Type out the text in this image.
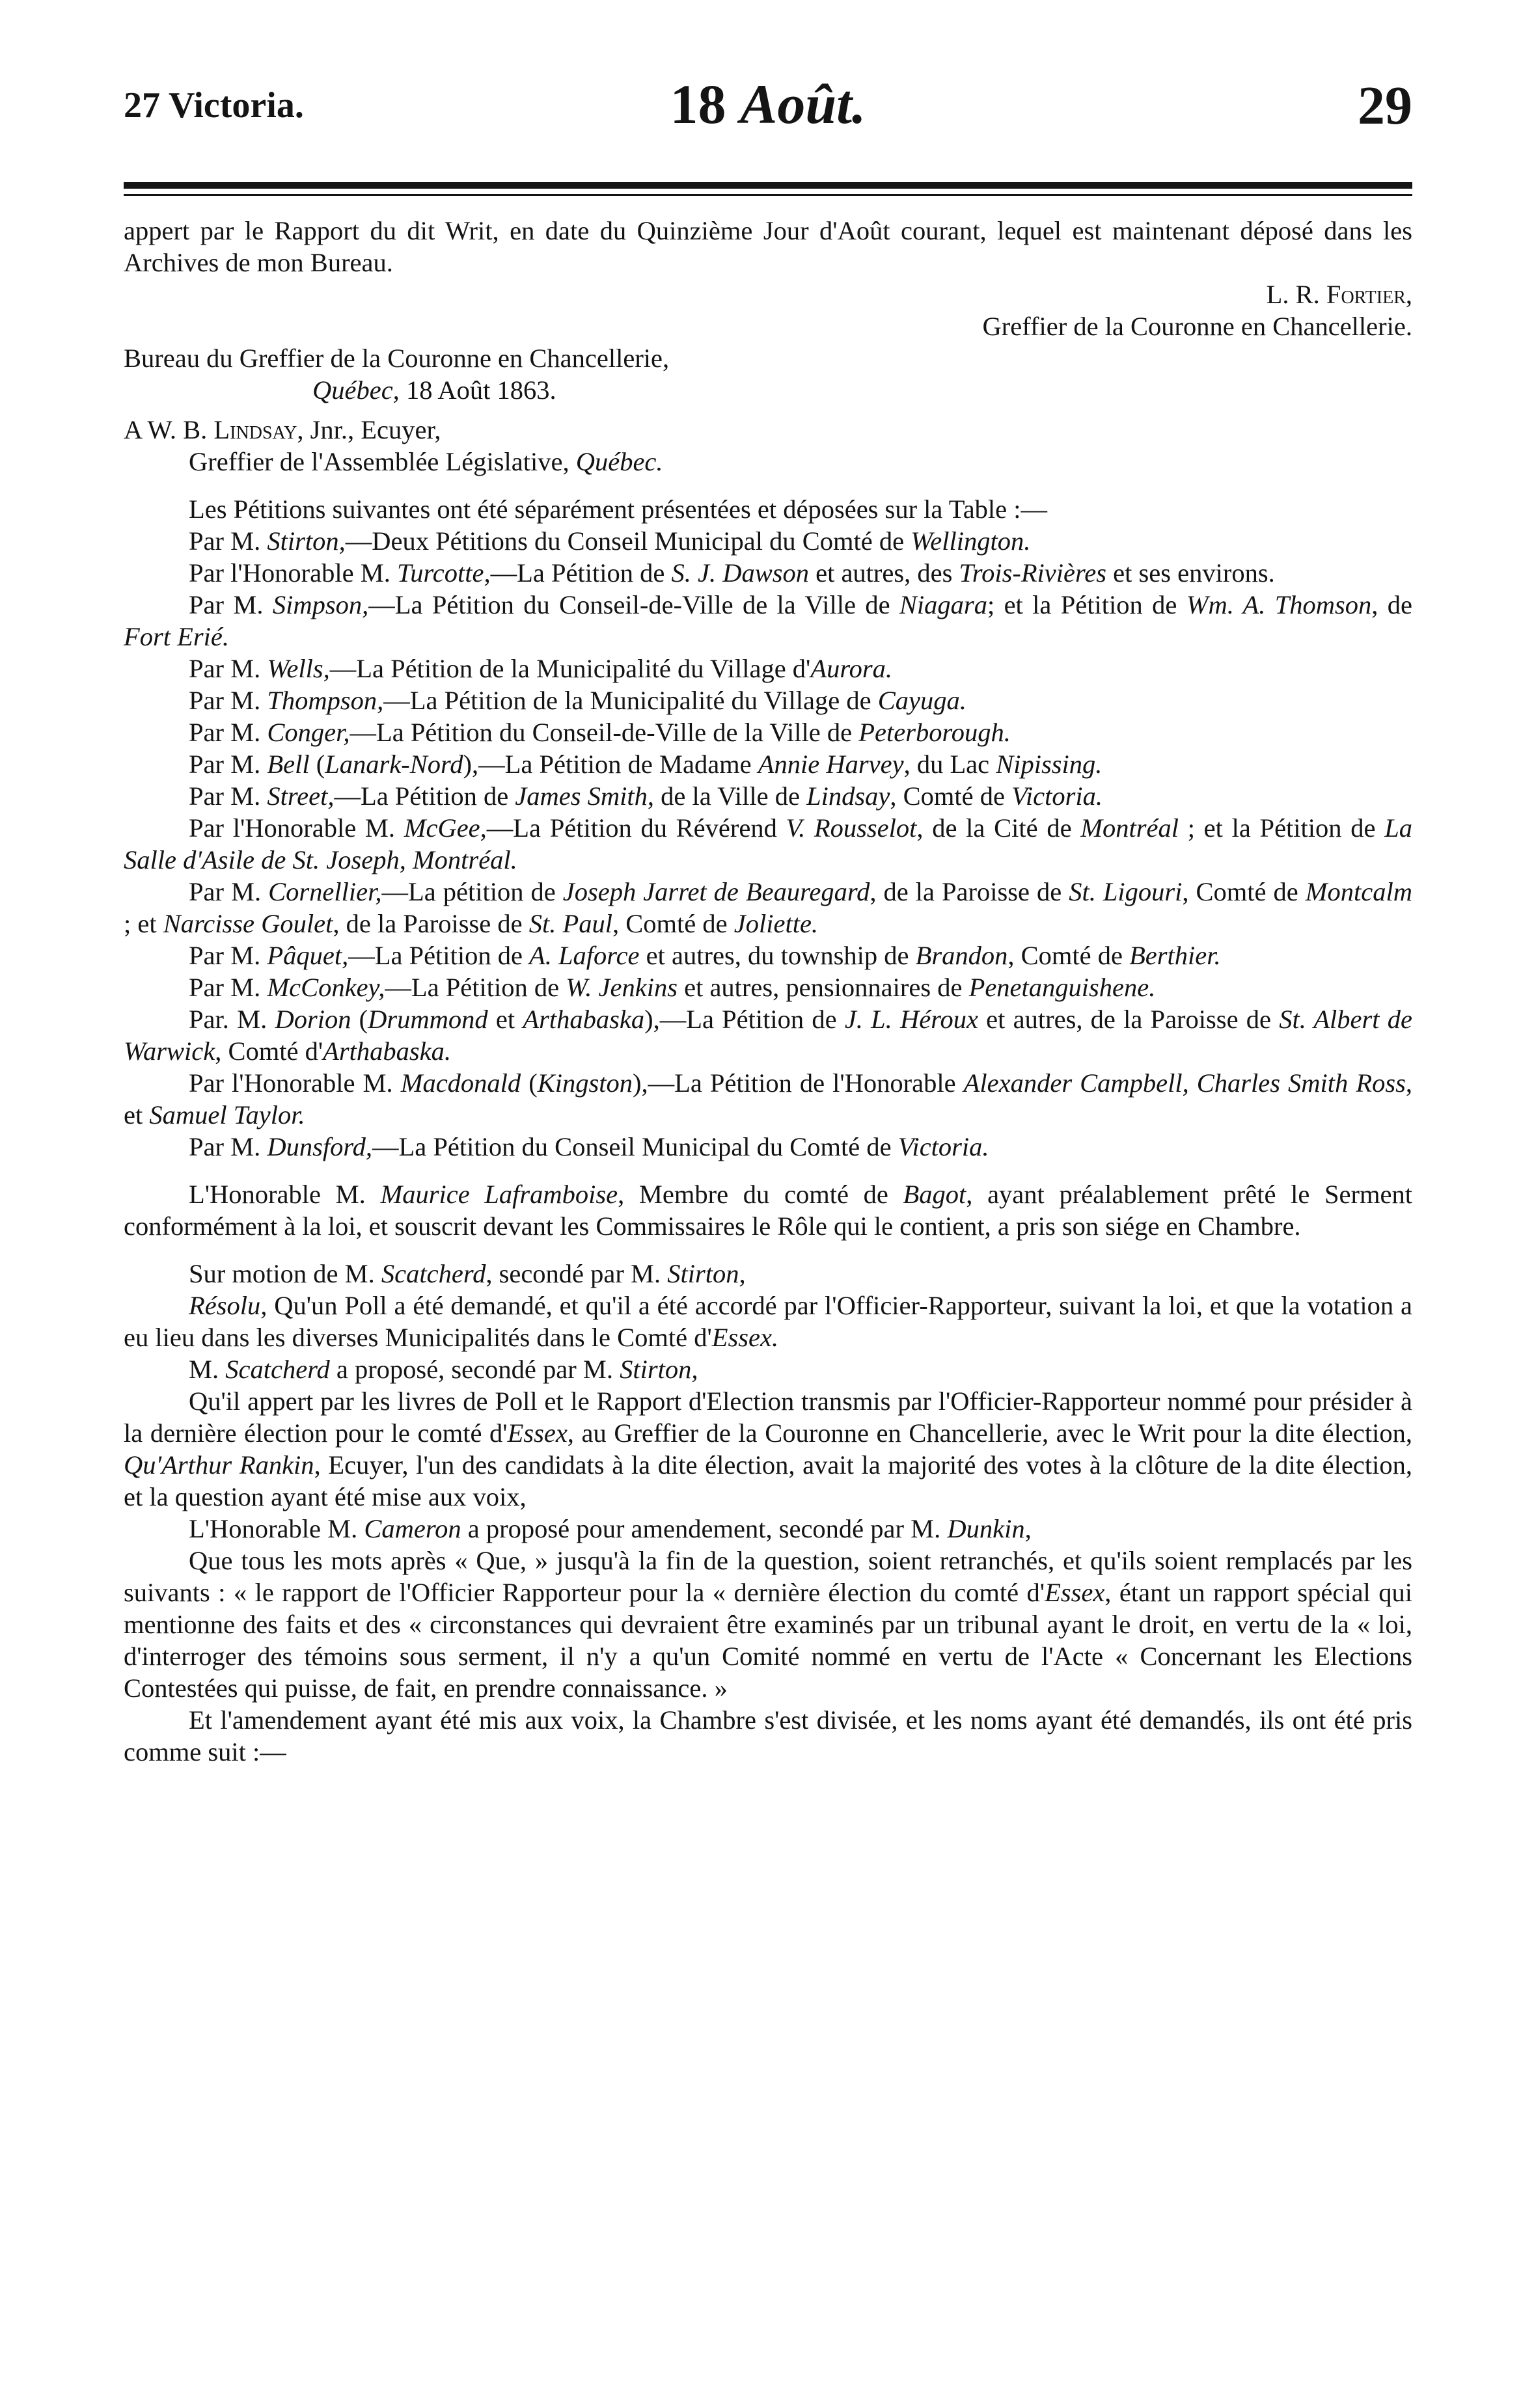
27 Victoria.	18 Août.	29

appert par le Rapport du dit Writ, en date du Quinzième Jour d'Août courant, lequel est maintenant déposé dans les Archives de mon Bureau.

L. R. Fortier,

Greffier de la Couronne en Chancellerie.

Bureau du Greffier de la Couronne en Chancellerie,

Québec, 18 Août 1863.

A W. B. Lindsay, Jnr., Ecuyer,

Greffier de l'Assemblée Législative, Québec.

Les Pétitions suivantes ont été séparément présentées et déposées sur la Table :—

Par M. Stirton,—Deux Pétitions du Conseil Municipal du Comté de Wellington.

Par l'Honorable M. Turcotte,—La Pétition de S. J. Dawson et autres, des Trois-Rivières et ses environs.

Par M. Simpson,—La Pétition du Conseil-de-Ville de la Ville de Niagara; et la Pétition de Wm. A. Thomson, de Fort Erié.

Par M. Wells,—La Pétition de la Municipalité du Village d'Aurora.

Par M. Thompson,—La Pétition de la Municipalité du Village de Cayuga.

Par M. Conger,—La Pétition du Conseil-de-Ville de la Ville de Peterborough.

Par M. Bell (Lanark-Nord),—La Pétition de Madame Annie Harvey, du Lac Nipissing.

Par M. Street,—La Pétition de James Smith, de la Ville de Lindsay, Comté de Victoria.

Par l'Honorable M. McGee,—La Pétition du Révérend V. Rousselot, de la Cité de Montréal ; et la Pétition de La Salle d'Asile de St. Joseph, Montréal.

Par M. Cornellier,—La pétition de Joseph Jarret de Beauregard, de la Paroisse de St. Ligouri, Comté de Montcalm ; et Narcisse Goulet, de la Paroisse de St. Paul, Comté de Joliette.

Par M. Pâquet,—La Pétition de A. Laforce et autres, du township de Brandon, Comté de Berthier.

Par M. McConkey,—La Pétition de W. Jenkins et autres, pensionnaires de Penetanguishene.

Par. M. Dorion (Drummond et Arthabaska),—La Pétition de J. L. Héroux et autres, de la Paroisse de St. Albert de Warwick, Comté d'Arthabaska.

Par l'Honorable M. Macdonald (Kingston),—La Pétition de l'Honorable Alexander Campbell, Charles Smith Ross, et Samuel Taylor.

Par M. Dunsford,—La Pétition du Conseil Municipal du Comté de Victoria.

L'Honorable M. Maurice Laframboise, Membre du comté de Bagot, ayant préalablement prêté le Serment conformément à la loi, et souscrit devant les Commissaires le Rôle qui le contient, a pris son siége en Chambre.

Sur motion de M. Scatcherd, secondé par M. Stirton,

Résolu, Qu'un Poll a été demandé, et qu'il a été accordé par l'Officier-Rapporteur, suivant la loi, et que la votation a eu lieu dans les diverses Municipalités dans le Comté d'Essex.

M. Scatcherd a proposé, secondé par M. Stirton,

Qu'il appert par les livres de Poll et le Rapport d'Election transmis par l'Officier-Rapporteur nommé pour présider à la dernière élection pour le comté d'Essex, au Greffier de la Couronne en Chancellerie, avec le Writ pour la dite élection, Qu'Arthur Rankin, Ecuyer, l'un des candidats à la dite élection, avait la majorité des votes à la clôture de la dite élection, et la question ayant été mise aux voix,

L'Honorable M. Cameron a proposé pour amendement, secondé par M. Dunkin,

Que tous les mots après « Que, » jusqu'à la fin de la question, soient retranchés, et qu'ils soient remplacés par les suivants : « le rapport de l'Officier Rapporteur pour la « dernière élection du comté d'Essex, étant un rapport spécial qui mentionne des faits et des « circonstances qui devraient être examinés par un tribunal ayant le droit, en vertu de la « loi, d'interroger des témoins sous serment, il n'y a qu'un Comité nommé en vertu de l'Acte « Concernant les Elections Contestées qui puisse, de fait, en prendre connaissance. »

Et l'amendement ayant été mis aux voix, la Chambre s'est divisée, et les noms ayant été demandés, ils ont été pris comme suit :—
